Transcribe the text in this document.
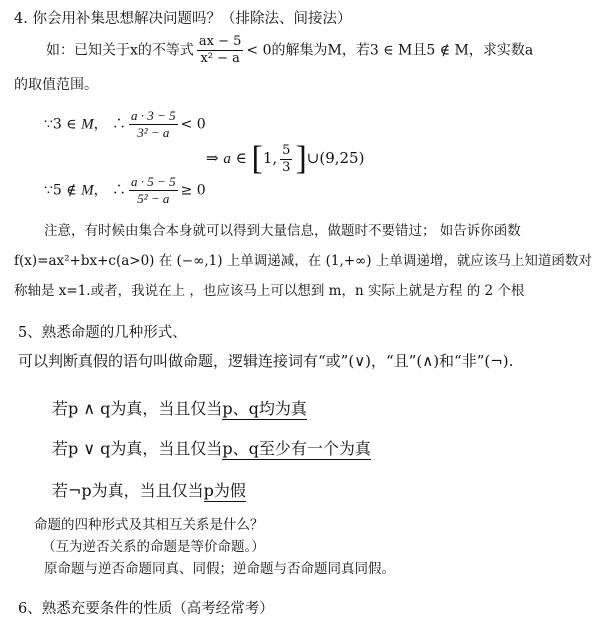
4. 你会用补集思想解决问题吗？（排除法、间接法）
如：已知关于x的不等式 $\frac{ax - 5}{\text{x² − a}} < 0$的解集为M，若3 ∈ M且5 ∉ M，求实数a
的取值范围。
∵3 ∈ M， ∴ $\frac{a \cdot 3 - 5}{\text{3² − a}} < 0$
⇒ a ∈ [1, $\frac{5}{3}$ ]∪(9,25)
∵5 ∉ M， ∴ $\frac{a \cdot 5 - 5}{\text{5² − a}} \ge 0$
注意，有时候由集合本身就可以得到大量信息，做题时不要错过； 如告诉你函数
f(x)=ax²+bx+c(a>0) 在 (−∞,1) 上单调递减，在 (1,+∞) 上单调递增，就应该马上知道函数对
称轴是 x=1.或者，我说在上 ，也应该马上可以想到 m，n 实际上就是方程 的 2 个根
5、熟悉命题的几种形式、
可以判断真假的语句叫做命题，逻辑连接词有“或”(∨)，“且”(∧)和“非”(¬).
若p ∧ q为真，当且仅当p、q均为真
若p ∨ q为真，当且仅当p、q至少有一个为真
若¬p为真，当且仅当p为假
命题的四种形式及其相互关系是什么？
（互为逆否关系的命题是等价命题。）
原命题与逆否命题同真、同假；逆命题与否命题同真同假。
6、熟悉充要条件的性质（高考经常考）
